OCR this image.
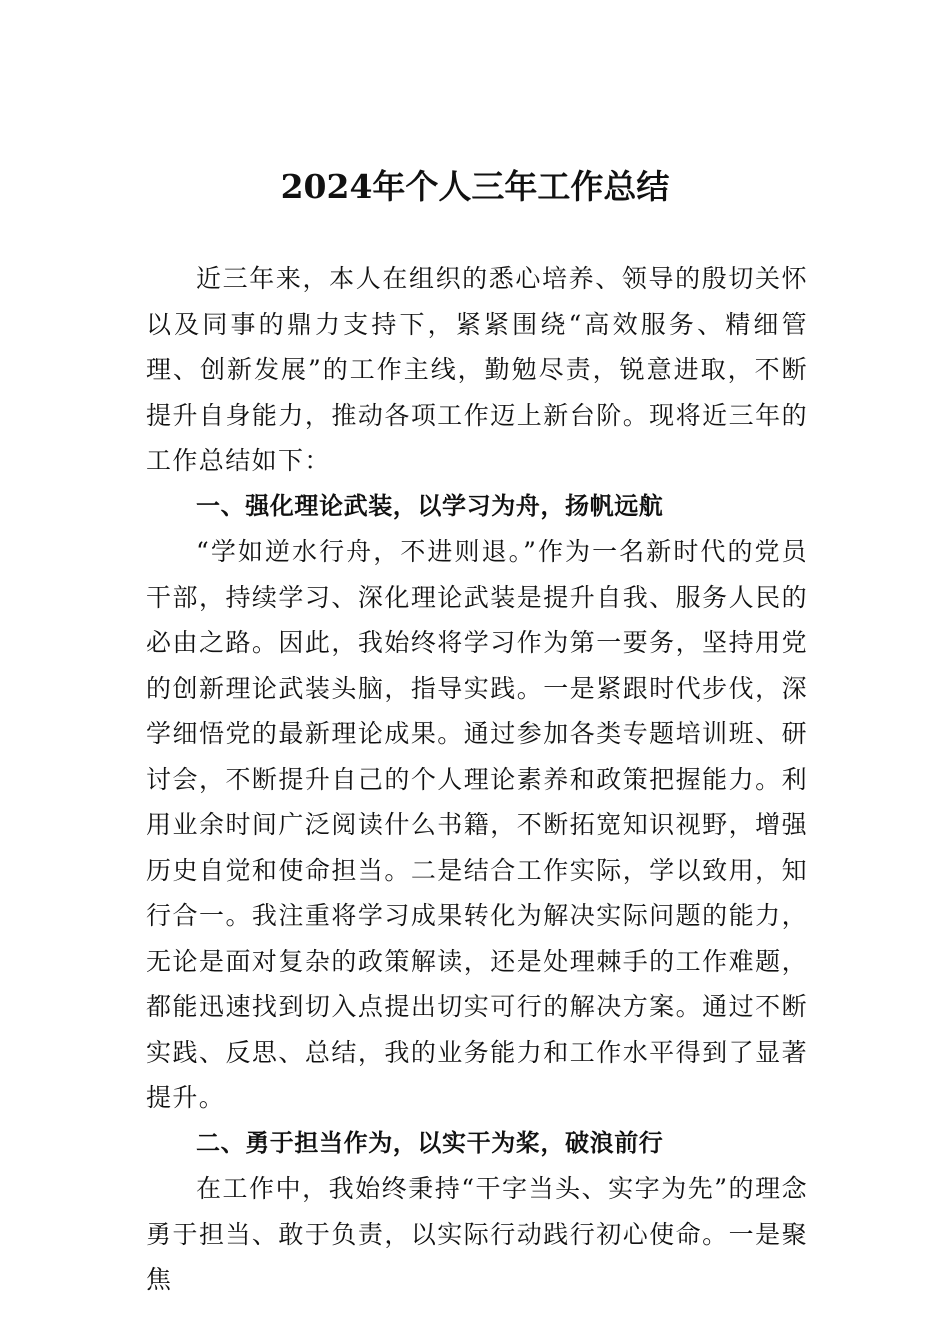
2024年个人三年工作总结

近三年来，本人在组织的悉心培养、领导的殷切关怀以及同事的鼎力支持下，紧紧围绕“高效服务、精细管理、创新发展”的工作主线，勤勉尽责，锐意进取，不断提升自身能力，推动各项工作迈上新台阶。现将近三年的工作总结如下：

一、强化理论武装，以学习为舟，扬帆远航

“学如逆水行舟，不进则退。”作为一名新时代的党员干部，持续学习、深化理论武装是提升自我、服务人民的必由之路。因此，我始终将学习作为第一要务，坚持用党的创新理论武装头脑，指导实践。一是紧跟时代步伐，深学细悟党的最新理论成果。通过参加各类专题培训班、研讨会，不断提升自己的个人理论素养和政策把握能力。利用业余时间广泛阅读什么书籍，不断拓宽知识视野，增强历史自觉和使命担当。二是结合工作实际，学以致用，知行合一。我注重将学习成果转化为解决实际问题的能力，无论是面对复杂的政策解读，还是处理棘手的工作难题，都能迅速找到切入点提出切实可行的解决方案。通过不断实践、反思、总结，我的业务能力和工作水平得到了显著提升。

二、勇于担当作为，以实干为桨，破浪前行

在工作中，我始终秉持“干字当头、实字为先”的理念勇于担当、敢于负责，以实际行动践行初心使命。一是聚焦
